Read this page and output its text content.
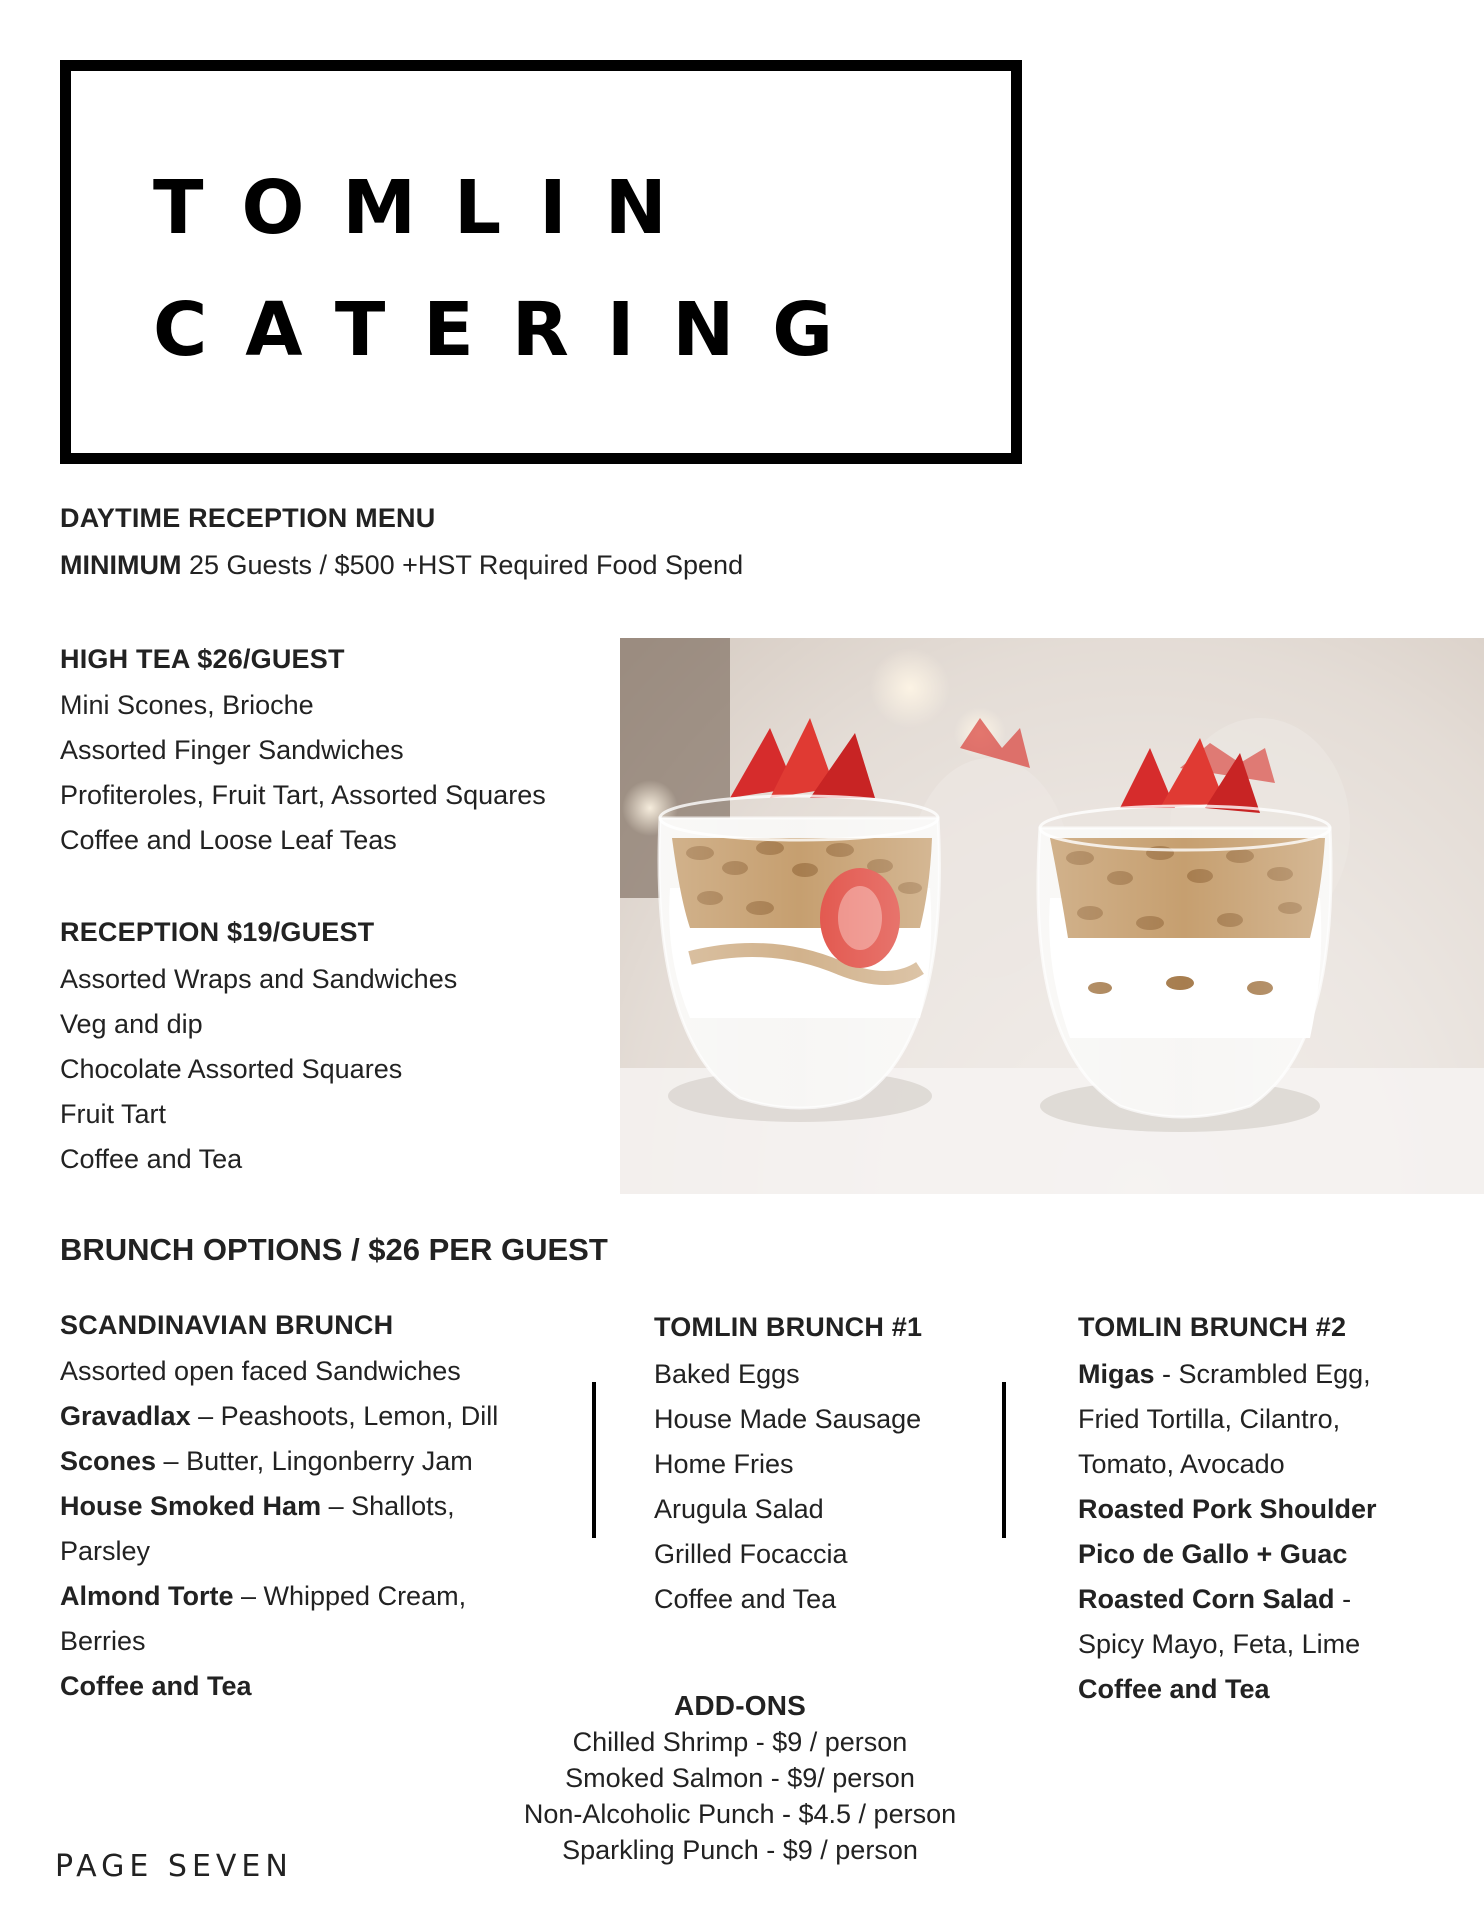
TOMLIN
CATERING
DAYTIME RECEPTION MENU
MINIMUM 25 Guests / $500 +HST Required Food Spend
HIGH TEA $26/GUEST
Mini Scones, Brioche
Assorted Finger Sandwiches
Profiteroles, Fruit Tart, Assorted Squares
Coffee and Loose Leaf Teas
RECEPTION $19/GUEST
Assorted Wraps and Sandwiches
Veg and dip
Chocolate Assorted Squares
Fruit Tart
Coffee and Tea
BRUNCH OPTIONS / $26 PER GUEST
SCANDINAVIAN BRUNCH
Assorted open faced Sandwiches
Gravadlax – Peashoots, Lemon, Dill
Scones – Butter, Lingonberry Jam
House Smoked Ham – Shallots,
Parsley
Almond Torte – Whipped Cream,
Berries
Coffee and Tea
TOMLIN BRUNCH #1
Baked Eggs
House Made Sausage
Home Fries
Arugula Salad
Grilled Focaccia
Coffee and Tea
TOMLIN BRUNCH #2
Migas - Scrambled Egg,
Fried Tortilla, Cilantro,
Tomato, Avocado
Roasted Pork Shoulder
Pico de Gallo + Guac
Roasted Corn Salad -
Spicy Mayo, Feta, Lime
Coffee and Tea
ADD-ONS
Chilled Shrimp - $9 / person
Smoked Salmon - $9/ person
Non-Alcoholic Punch - $4.5 / person
Sparkling Punch - $9 / person
PAGE SEVEN
